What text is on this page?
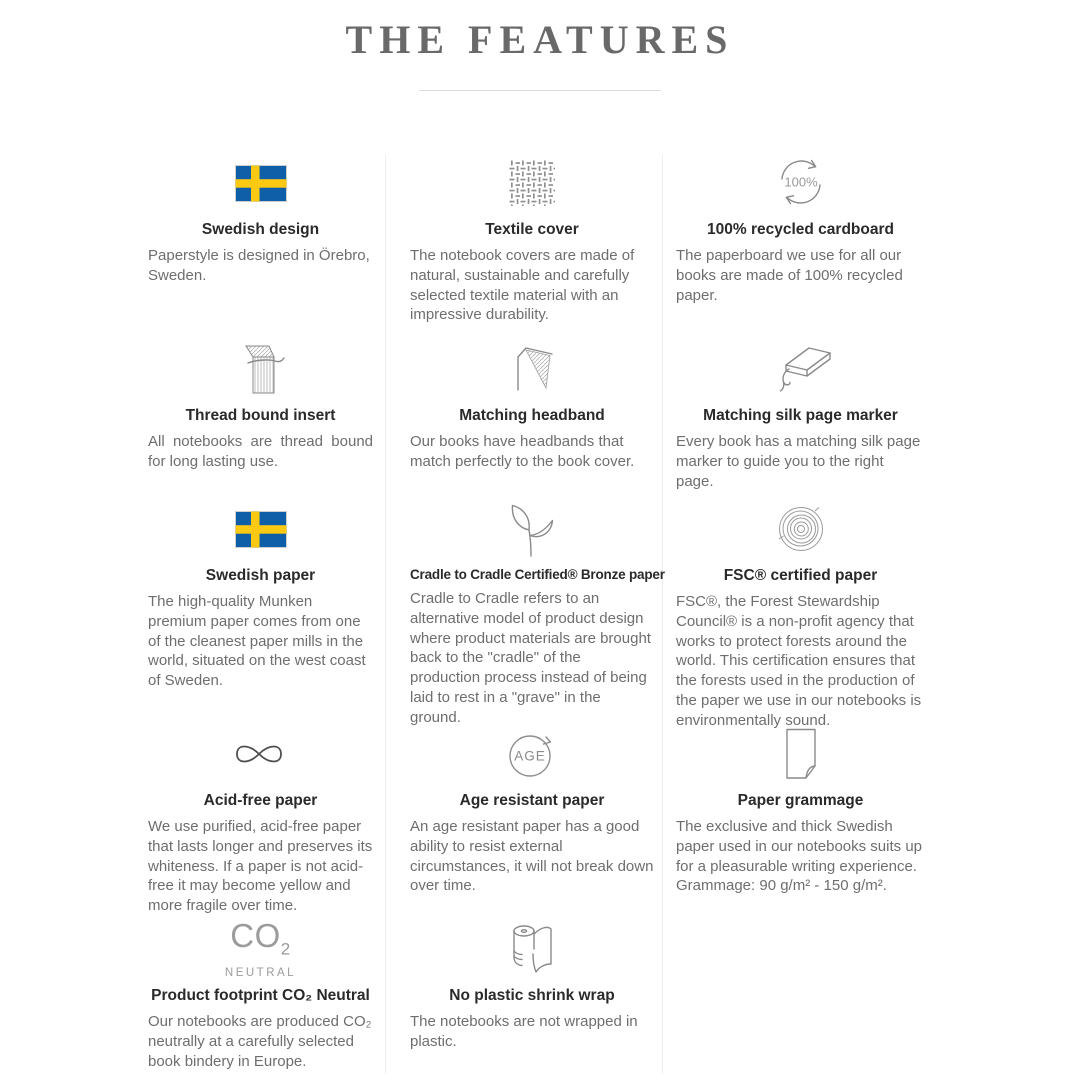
THE FEATURES
Swedish design

Paperstyle is designed in Örebro, Sweden.

Textile cover

The notebook covers are made of natural, sustainable and carefully selected textile material with an impressive durability.

100%
100% recycled cardboard

The paperboard we use for all our books are made of 100% recycled paper.

Thread bound insert

All notebooks are thread bound for long lasting use.

Matching headband

Our books have headbands that match perfectly to the book cover.

Matching silk page marker

Every book has a matching silk page marker to guide you to the right page.

Swedish paper

The high-quality Munken premium paper comes from one of the cleanest paper mills in the world, situated on the west coast of Sweden.

Cradle to Cradle Certified® Bronze paper

Cradle to Cradle refers to an alternative model of product design where product materials are brought back to the "cradle" of the production process instead of being laid to rest in a "grave" in the ground.

FSC® certified paper

FSC®, the Forest Stewardship Council® is a non-profit agency that works to protect forests around the world. This certification ensures that the forests used in the production of the paper we use in our notebooks is environmentally sound.

Acid-free paper

We use purified, acid-free paper that lasts longer and preserves its whiteness. If a paper is not acid-free it may become yellow and more fragile over time.

AGE
Age resistant paper

An age resistant paper has a good ability to resist external circumstances, it will not break down over time.

Paper grammage

The exclusive and thick Swedish paper used in our notebooks suits up for a pleasurable writing experience. Grammage: 90 g/m² - 150 g/m².

$CO_2$
NEUTRAL
Product footprint CO₂ Neutral

Our notebooks are produced CO₂ neutrally at a carefully selected book bindery in Europe.

No plastic shrink wrap

The notebooks are not wrapped in plastic.
